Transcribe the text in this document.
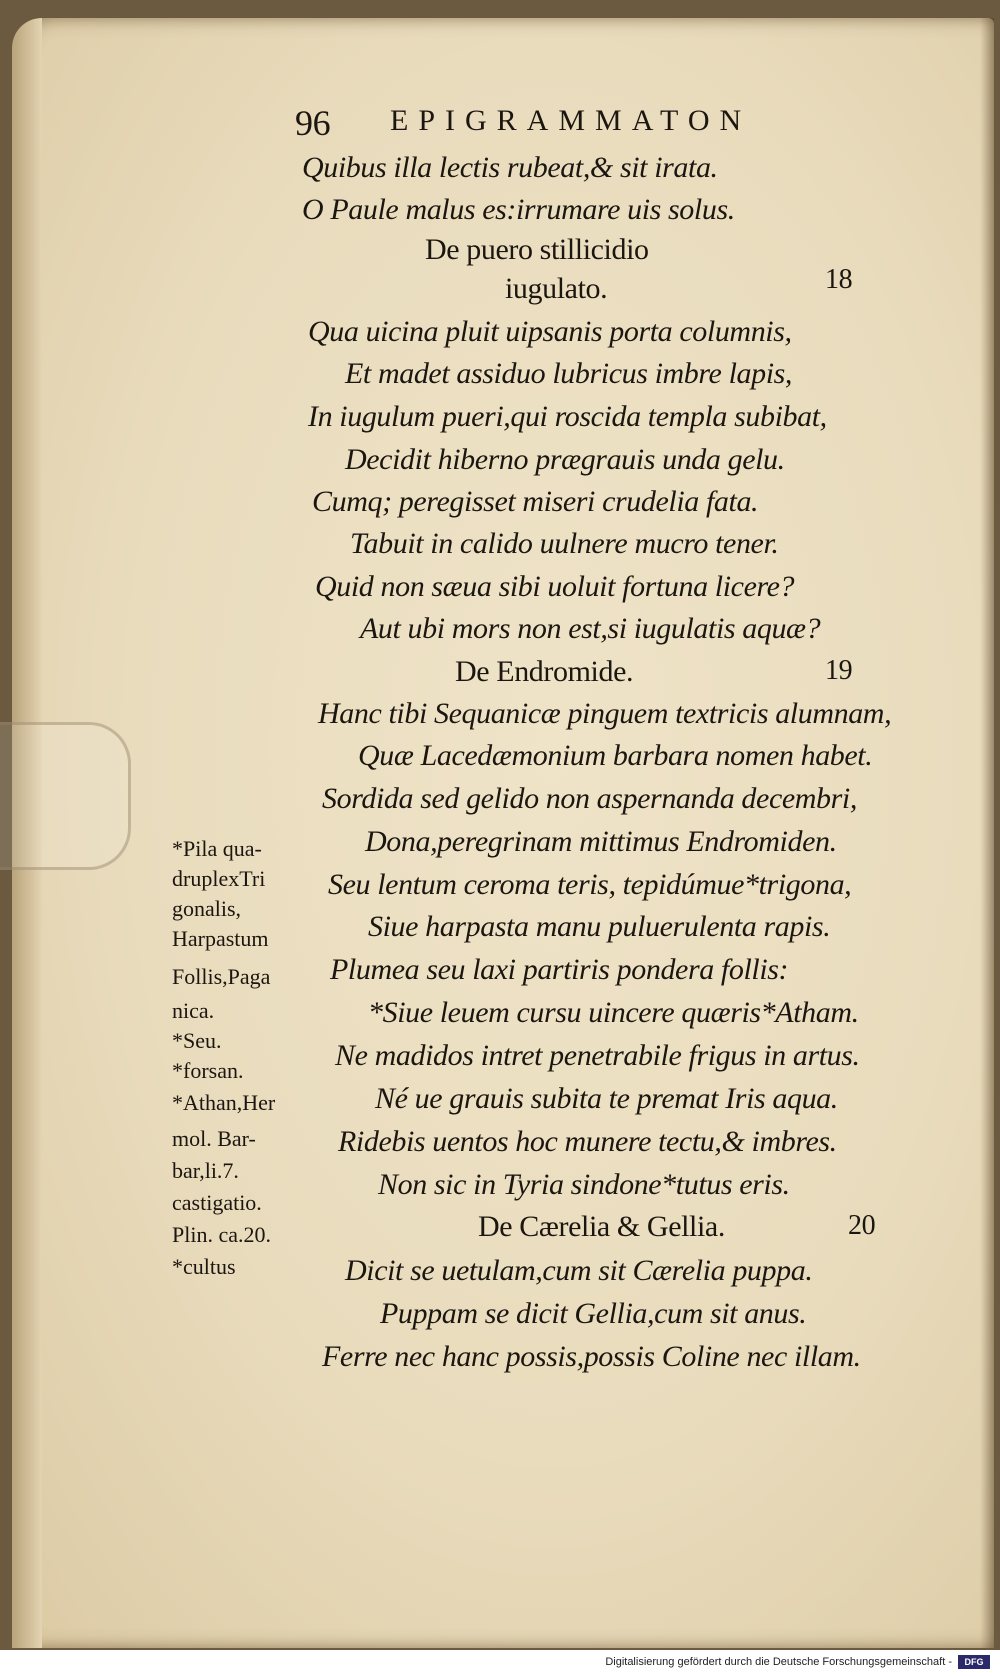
96 EPIGRAMMATON
Quibus illa lectis rubeat,& sit irata.
O Paule malus es:irrumare uis solus.
De puero stillicidio
iugulato.	18
Qua uicina pluit uipsanis porta columnis,
Et madet assiduo lubricus imbre lapis,
In iugulum pueri,qui roscida templa subibat,
Decidit hiberno prægrauis unda gelu.
Cumq; peregisset miseri crudelia fata.
Tabuit in calido uulnere mucro tener.
Quid non sæua sibi uoluit fortuna licere?
Aut ubi mors non est,si iugulatis aquæ?
De Endromide.	19
Hanc tibi Sequanicæ pinguem textricis alumnam,
Quæ Lacedæmonium barbara nomen habet.
Sordida sed gelido non aspernanda decembri,
Dona,peregrinam mittimus Endromiden.
Seu lentum ceroma teris, tepidúmue*trigona,
Siue harpasta manu puluerulenta rapis.
Plumea seu laxi partiris pondera follis:
*Siue leuem cursu uincere quæris*Atham.
Ne madidos intret penetrabile frigus in artus.
Né ue grauis subita te premat Iris aqua.
Ridebis uentos hoc munere tectu,& imbres.
Non sic in Tyria sindone*tutus eris.
De Cærelia & Gellia.	20
Dicit se uetulam,cum sit Cærelia puppa.
Puppam se dicit Gellia,cum sit anus.
Ferre nec hanc possis,possis Coline nec illam.
*Pila qua-
druplexTri
gonalis,
Harpastum
Follis,Paga
nica.
*Seu.
*forsan.
*Athan,Her
mol. Bar-
bar,li.7.
castigatio.
Plin. ca.20.
*cultus
Digitalisierung gefördert durch die Deutsche Forschungsgemeinschaft -	DFG
